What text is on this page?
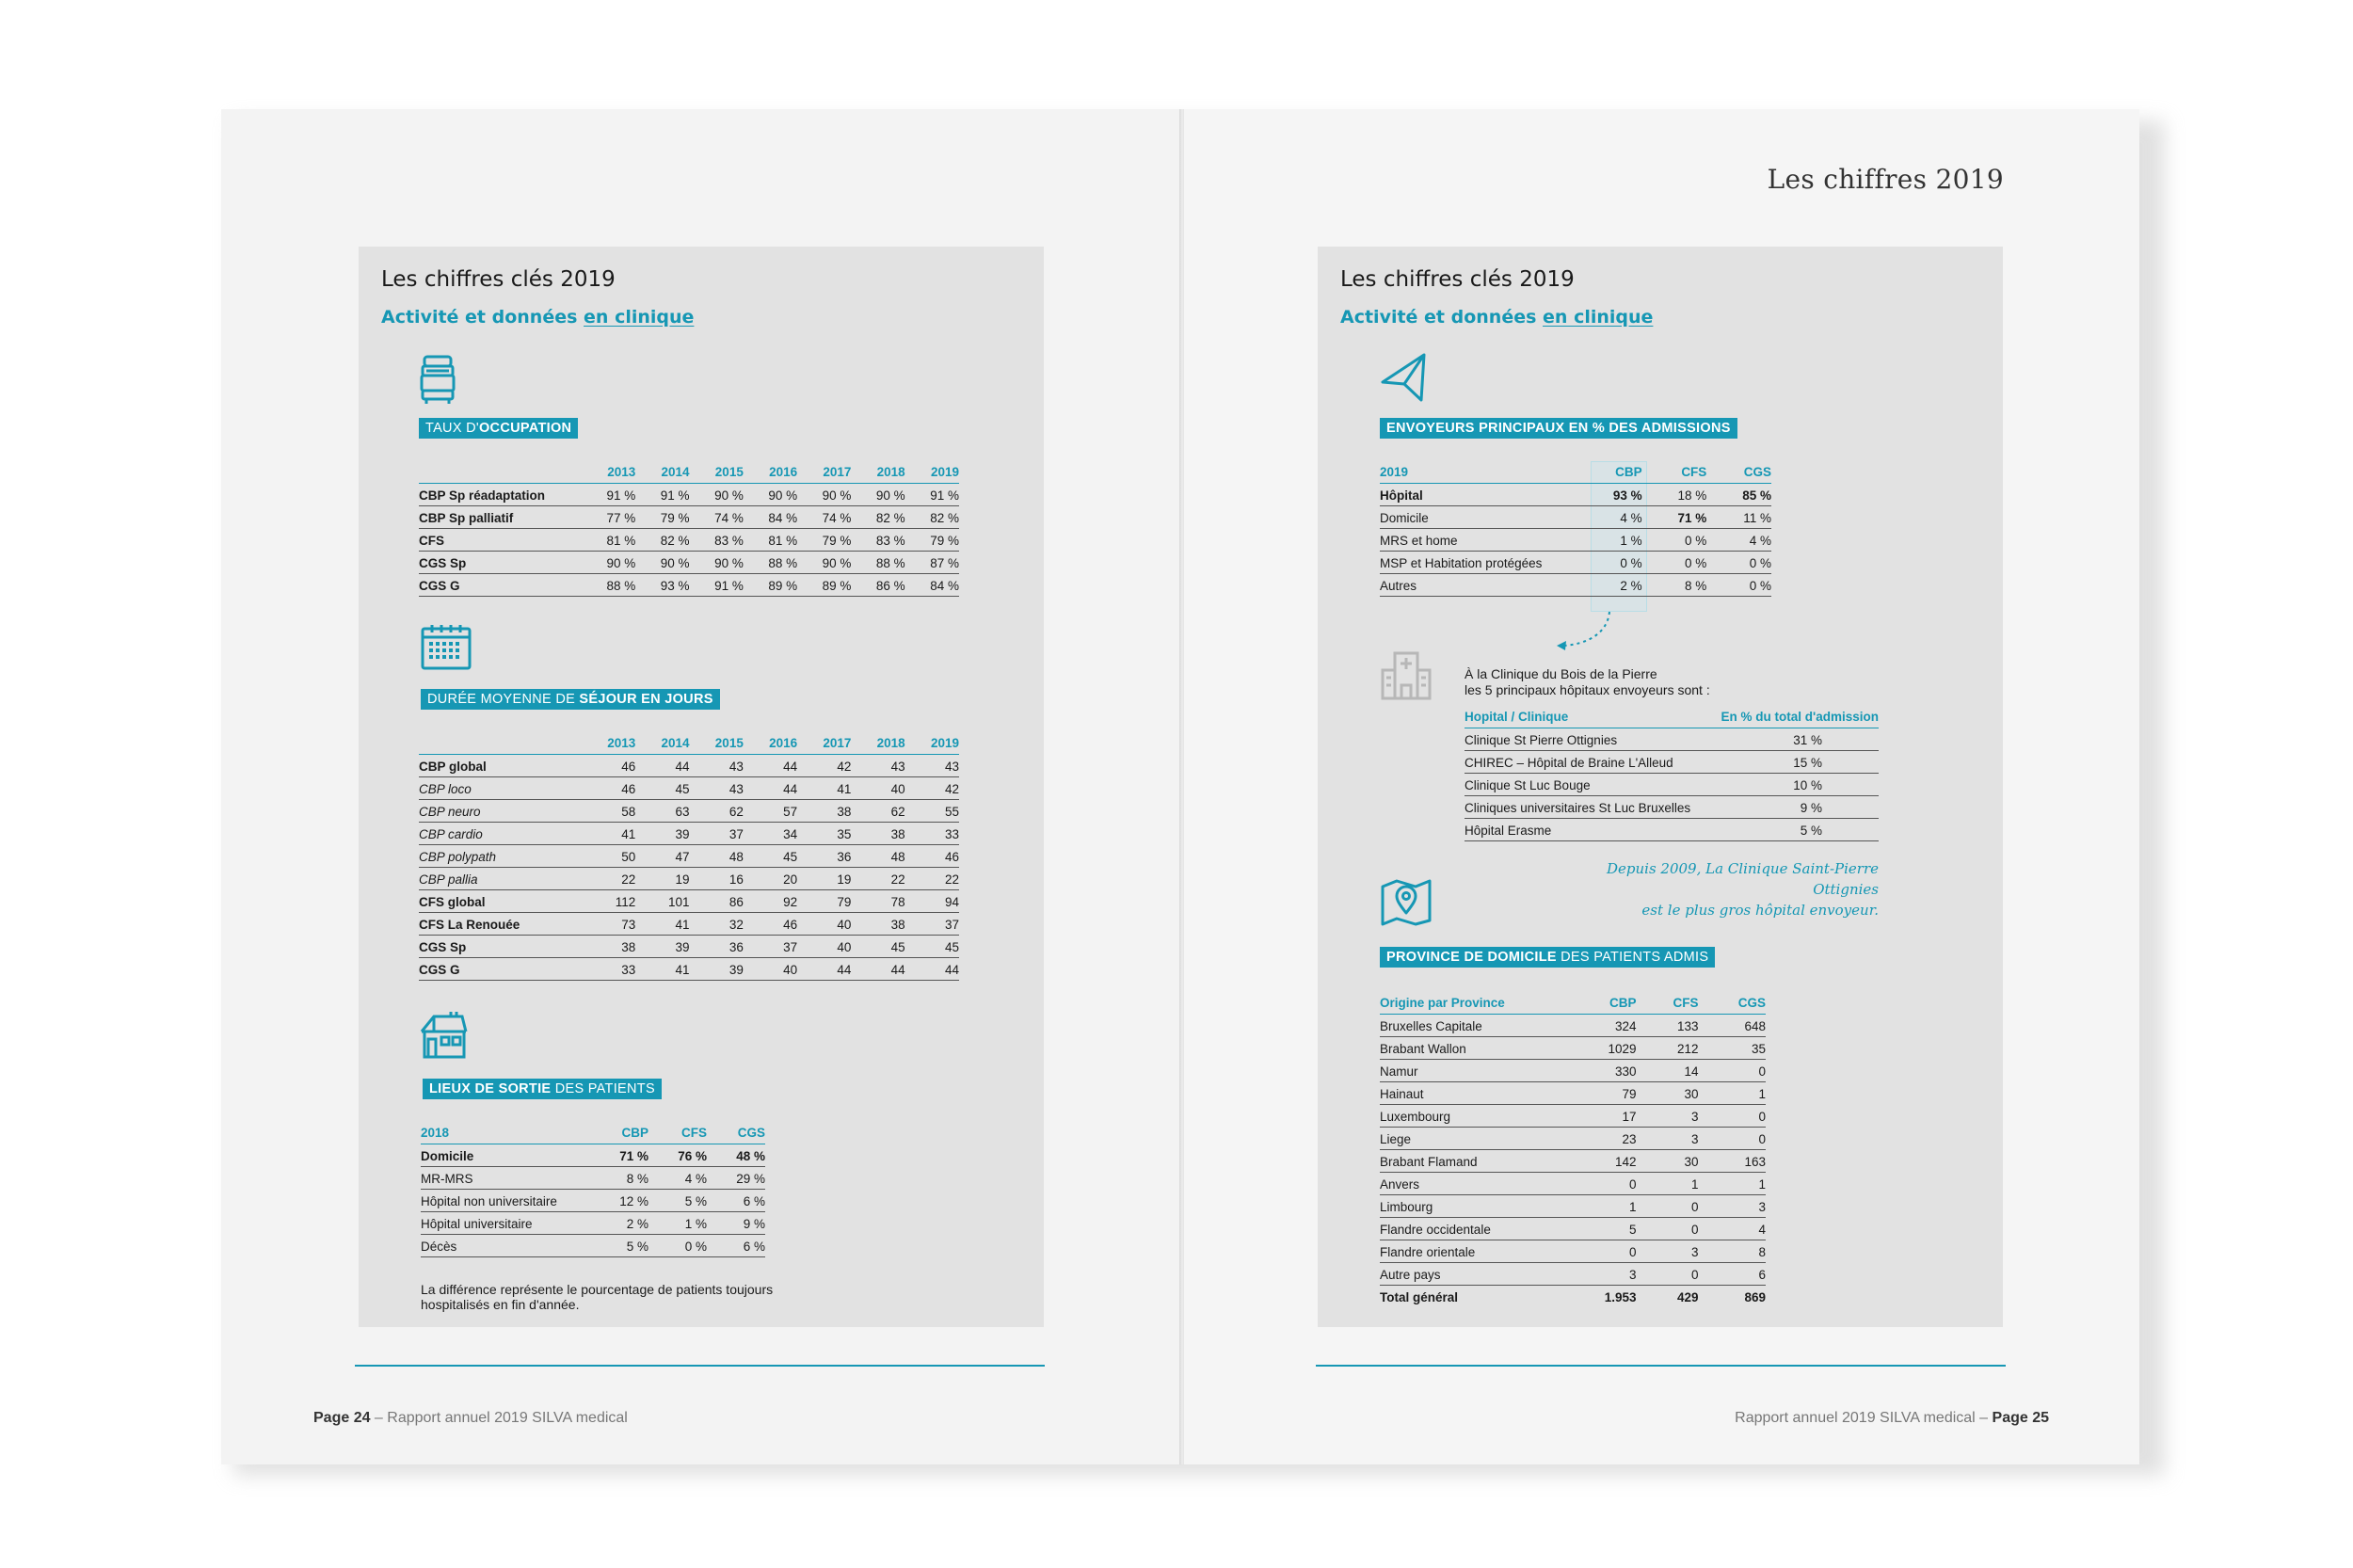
Les chiffres clés 2019
Activité et données en clinique
TAUX D'OCCUPATION
	2013	2014	2015	2016	2017	2018	2019
CBP Sp réadaptation	91 %	91 %	90 %	90 %	90 %	90 %	91 %
CBP Sp palliatif	77 %	79 %	74 %	84 %	74 %	82 %	82 %
CFS	81 %	82 %	83 %	81 %	79 %	83 %	79 %
CGS Sp	90 %	90 %	90 %	88 %	90 %	88 %	87 %
CGS G	88 %	93 %	91 %	89 %	89 %	86 %	84 %
DURÉE MOYENNE DE SÉJOUR EN JOURS
	2013	2014	2015	2016	2017	2018	2019
CBP global	46	44	43	44	42	43	43
CBP loco	46	45	43	44	41	40	42
CBP neuro	58	63	62	57	38	62	55
CBP cardio	41	39	37	34	35	38	33
CBP polypath	50	47	48	45	36	48	46
CBP pallia	22	19	16	20	19	22	22
CFS global	112	101	86	92	79	78	94
CFS La Renouée	73	41	32	46	40	38	37
CGS Sp	38	39	36	37	40	45	45
CGS G	33	41	39	40	44	44	44
LIEUX DE SORTIE DES PATIENTS
2018	CBP	CFS	CGS
Domicile	71 %	76 %	48 %
MR-MRS	8 %	4 %	29 %
Hôpital non universitaire	12 %	5 %	6 %
Hôpital universitaire	2 %	1 %	9 %
Décès	5 %	0 %	6 %
La différence représente le pourcentage de patients toujours
hospitalisés en fin d'année.
Page 24 – Rapport annuel 2019 SILVA medical
Les chiffres 2019
Les chiffres clés 2019
Activité et données en clinique
ENVOYEURS PRINCIPAUX EN % DES ADMISSIONS
2019	CBP	CFS	CGS
Hôpital	93 %	18 %	85 %
Domicile	4 %	71 %	11 %
MRS et home	1 %	0 %	4 %
MSP et Habitation protégées	0 %	0 %	0 %
Autres	2 %	8 %	0 %
À la Clinique du Bois de la Pierre
les 5 principaux hôpitaux envoyeurs sont :
Hopital / Clinique	En % du total d'admission
Clinique St Pierre Ottignies	31 %
CHIREC – Hôpital de Braine L'Alleud	15 %
Clinique St Luc Bouge	10 %
Cliniques universitaires St Luc Bruxelles	9 %
Hôpital Erasme	5 %
Depuis 2009, La Clinique Saint-Pierre Ottignies
est le plus gros hôpital envoyeur.
PROVINCE DE DOMICILE DES PATIENTS ADMIS
Origine par Province	CBP	CFS	CGS
Bruxelles Capitale	324	133	648
Brabant Wallon	1029	212	35
Namur	330	14	0
Hainaut	79	30	1
Luxembourg	17	3	0
Liege	23	3	0
Brabant Flamand	142	30	163
Anvers	0	1	1
Limbourg	1	0	3
Flandre occidentale	5	0	4
Flandre orientale	0	3	8
Autre pays	3	0	6
Total général	1.953	429	869
Rapport annuel 2019 SILVA medical – Page 25
